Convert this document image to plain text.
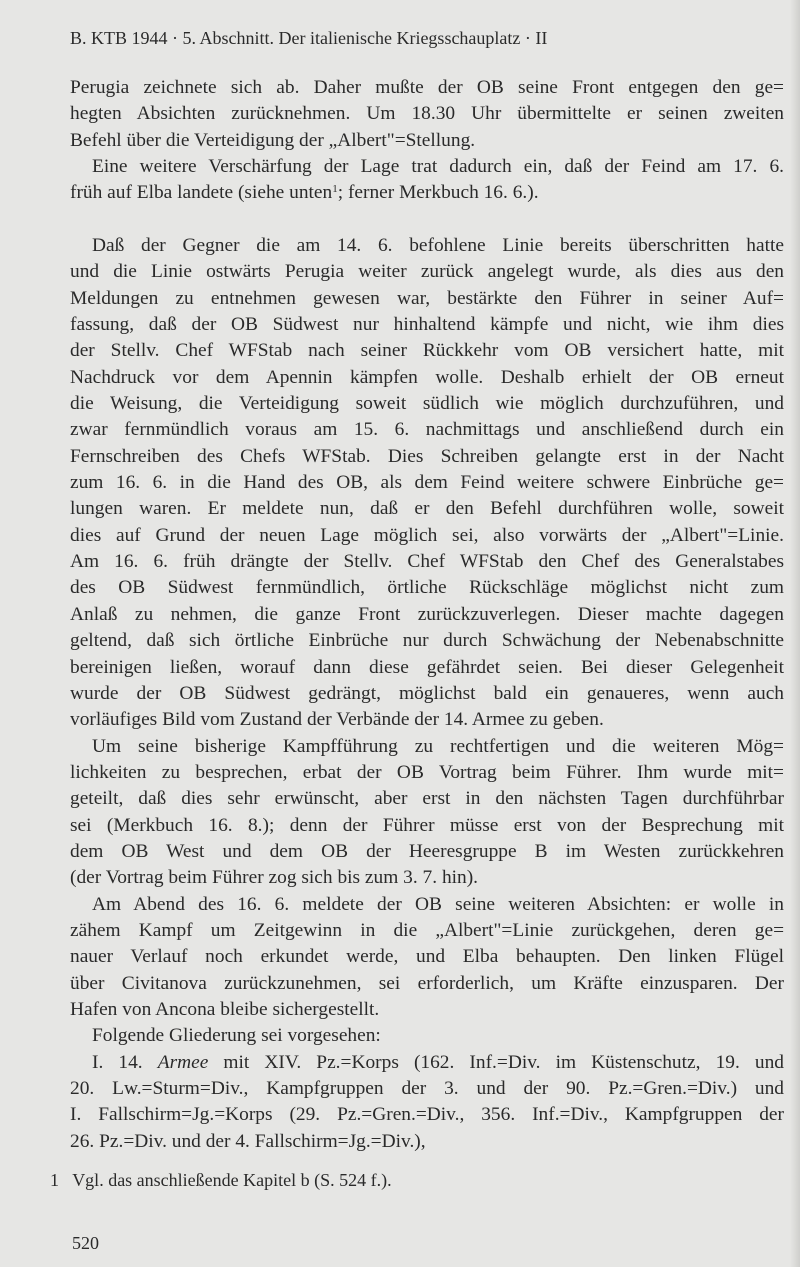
B. KTB 1944 · 5. Abschnitt. Der italienische Kriegsschauplatz · II
Perugia zeichnete sich ab. Daher mußte der OB seine Front entgegen den ge=
hegten Absichten zurücknehmen. Um 18.30 Uhr übermittelte er seinen zweiten
Befehl über die Verteidigung der „Albert"=Stellung.
Eine weitere Verschärfung der Lage trat dadurch ein, daß der Feind am 17. 6.
früh auf Elba landete (siehe unten$^1$; ferner Merkbuch 16. 6.).
Daß der Gegner die am 14. 6. befohlene Linie bereits überschritten hatte
und die Linie ostwärts Perugia weiter zurück angelegt wurde, als dies aus den
Meldungen zu entnehmen gewesen war, bestärkte den Führer in seiner Auf=
fassung, daß der OB Südwest nur hinhaltend kämpfe und nicht, wie ihm dies
der Stellv. Chef WFStab nach seiner Rückkehr vom OB versichert hatte, mit
Nachdruck vor dem Apennin kämpfen wolle. Deshalb erhielt der OB erneut
die Weisung, die Verteidigung soweit südlich wie möglich durchzuführen, und
zwar fernmündlich voraus am 15. 6. nachmittags und anschließend durch ein
Fernschreiben des Chefs WFStab. Dies Schreiben gelangte erst in der Nacht
zum 16. 6. in die Hand des OB, als dem Feind weitere schwere Einbrüche ge=
lungen waren. Er meldete nun, daß er den Befehl durchführen wolle, soweit
dies auf Grund der neuen Lage möglich sei, also vorwärts der „Albert"=Linie.
Am 16. 6. früh drängte der Stellv. Chef WFStab den Chef des Generalstabes
des OB Südwest fernmündlich, örtliche Rückschläge möglichst nicht zum
Anlaß zu nehmen, die ganze Front zurückzuverlegen. Dieser machte dagegen
geltend, daß sich örtliche Einbrüche nur durch Schwächung der Nebenabschnitte
bereinigen ließen, worauf dann diese gefährdet seien. Bei dieser Gelegenheit
wurde der OB Südwest gedrängt, möglichst bald ein genaueres, wenn auch
vorläufiges Bild vom Zustand der Verbände der 14. Armee zu geben.
Um seine bisherige Kampfführung zu rechtfertigen und die weiteren Mög=
lichkeiten zu besprechen, erbat der OB Vortrag beim Führer. Ihm wurde mit=
geteilt, daß dies sehr erwünscht, aber erst in den nächsten Tagen durchführbar
sei (Merkbuch 16. 8.); denn der Führer müsse erst von der Besprechung mit
dem OB West und dem OB der Heeresgruppe B im Westen zurückkehren
(der Vortrag beim Führer zog sich bis zum 3. 7. hin).
Am Abend des 16. 6. meldete der OB seine weiteren Absichten: er wolle in
zähem Kampf um Zeitgewinn in die „Albert"=Linie zurückgehen, deren ge=
nauer Verlauf noch erkundet werde, und Elba behaupten. Den linken Flügel
über Civitanova zurückzunehmen, sei erforderlich, um Kräfte einzusparen. Der
Hafen von Ancona bleibe sichergestellt.
Folgende Gliederung sei vorgesehen:
I. 14. Armee mit XIV. Pz.=Korps (162. Inf.=Div. im Küstenschutz, 19. und
20. Lw.=Sturm=Div., Kampfgruppen der 3. und der 90. Pz.=Gren.=Div.) und
I. Fallschirm=Jg.=Korps (29. Pz.=Gren.=Div., 356. Inf.=Div., Kampfgruppen der
26. Pz.=Div. und der 4. Fallschirm=Jg.=Div.),
1 Vgl. das anschließende Kapitel b (S. 524 f.).
520
